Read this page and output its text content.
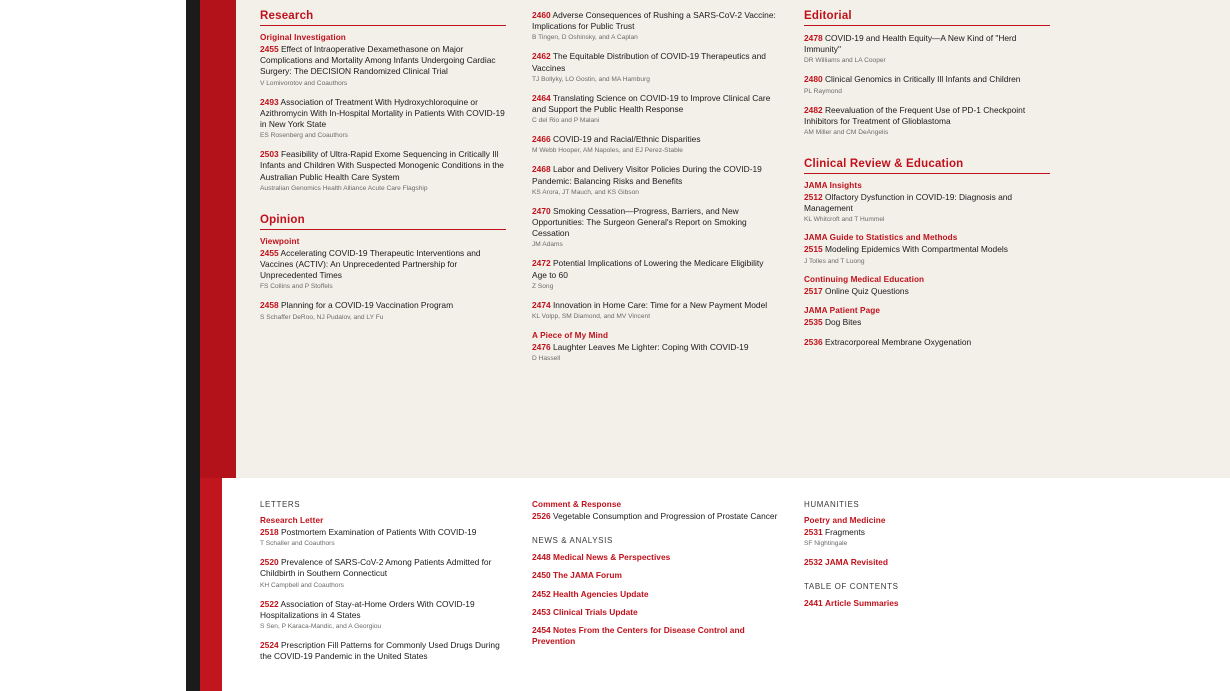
Research
Original Investigation
2455 Effect of Intraoperative Dexamethasone on Major Complications and Mortality Among Infants Undergoing Cardiac Surgery: The DECISION Randomized Clinical Trial
V Lomivorotov and Coauthors
2493 Association of Treatment With Hydroxychloroquine or Azithromycin With In-Hospital Mortality in Patients With COVID-19 in New York State
ES Rosenberg and Coauthors
2503 Feasibility of Ultra-Rapid Exome Sequencing in Critically Ill Infants and Children With Suspected Monogenic Conditions in the Australian Public Health Care System
Australian Genomics Health Alliance Acute Care Flagship
Opinion
Viewpoint
2455 Accelerating COVID-19 Therapeutic Interventions and Vaccines (ACTIV): An Unprecedented Partnership for Unprecedented Times
FS Collins and P Stoffels
2458 Planning for a COVID-19 Vaccination Program
S Schaffer DeRoo, NJ Pudalov, and LY Fu
2460 Adverse Consequences of Rushing a SARS-CoV-2 Vaccine: Implications for Public Trust
B Tingen, D Oshinsky, and A Caplan
2462 The Equitable Distribution of COVID-19 Therapeutics and Vaccines
TJ Bollyky, LO Gostin, and MA Hamburg
2464 Translating Science on COVID-19 to Improve Clinical Care and Support the Public Health Response
C del Rio and P Malani
2466 COVID-19 and Racial/Ethnic Disparities
M Webb Hooper, AM Napoles, and EJ Perez-Stable
2468 Labor and Delivery Visitor Policies During the COVID-19 Pandemic: Balancing Risks and Benefits
KS Arora, JT Mauch, and KS Gibson
2470 Smoking Cessation—Progress, Barriers, and New Opportunities: The Surgeon General's Report on Smoking Cessation
JM Adams
2472 Potential Implications of Lowering the Medicare Eligibility Age to 60
Z Song
2474 Innovation in Home Care: Time for a New Payment Model
KL Volpp, SM Diamond, and MV Vincent
A Piece of My Mind
2476 Laughter Leaves Me Lighter: Coping With COVID-19
D Hassell
Editorial
2478 COVID-19 and Health Equity—A New Kind of "Herd Immunity"
DR Williams and LA Cooper
2480 Clinical Genomics in Critically Ill Infants and Children
PL Raymond
2482 Reevaluation of the Frequent Use of PD-1 Checkpoint Inhibitors for Treatment of Glioblastoma
AM Miller and CM DeAngelis
Clinical Review & Education
JAMA Insights
2512 Olfactory Dysfunction in COVID-19: Diagnosis and Management
KL Whitcroft and T Hummel
JAMA Guide to Statistics and Methods
2515 Modeling Epidemics With Compartmental Models
J Tolles and T Luong
Continuing Medical Education
2517 Online Quiz Questions
JAMA Patient Page
2535 Dog Bites
2536 Extracorporeal Membrane Oxygenation
LETTERS
Research Letter
2518 Postmortem Examination of Patients With COVID-19
T Schaller and Coauthors
2520 Prevalence of SARS-CoV-2 Among Patients Admitted for Childbirth in Southern Connecticut
KH Campbell and Coauthors
2522 Association of Stay-at-Home Orders With COVID-19 Hospitalizations in 4 States
S Sen, P Karaca-Mandic, and A Georgiou
2524 Prescription Fill Patterns for Commonly Used Drugs During the COVID-19 Pandemic in the United States
Comment & Response
2526 Vegetable Consumption and Progression of Prostate Cancer
NEWS & ANALYSIS
2448 Medical News & Perspectives
2450 The JAMA Forum
2452 Health Agencies Update
2453 Clinical Trials Update
2454 Notes From the Centers for Disease Control and Prevention
HUMANITIES
Poetry and Medicine
2531 Fragments
SF Nightingale
2532 JAMA Revisited
TABLE OF CONTENTS
2441 Article Summaries
